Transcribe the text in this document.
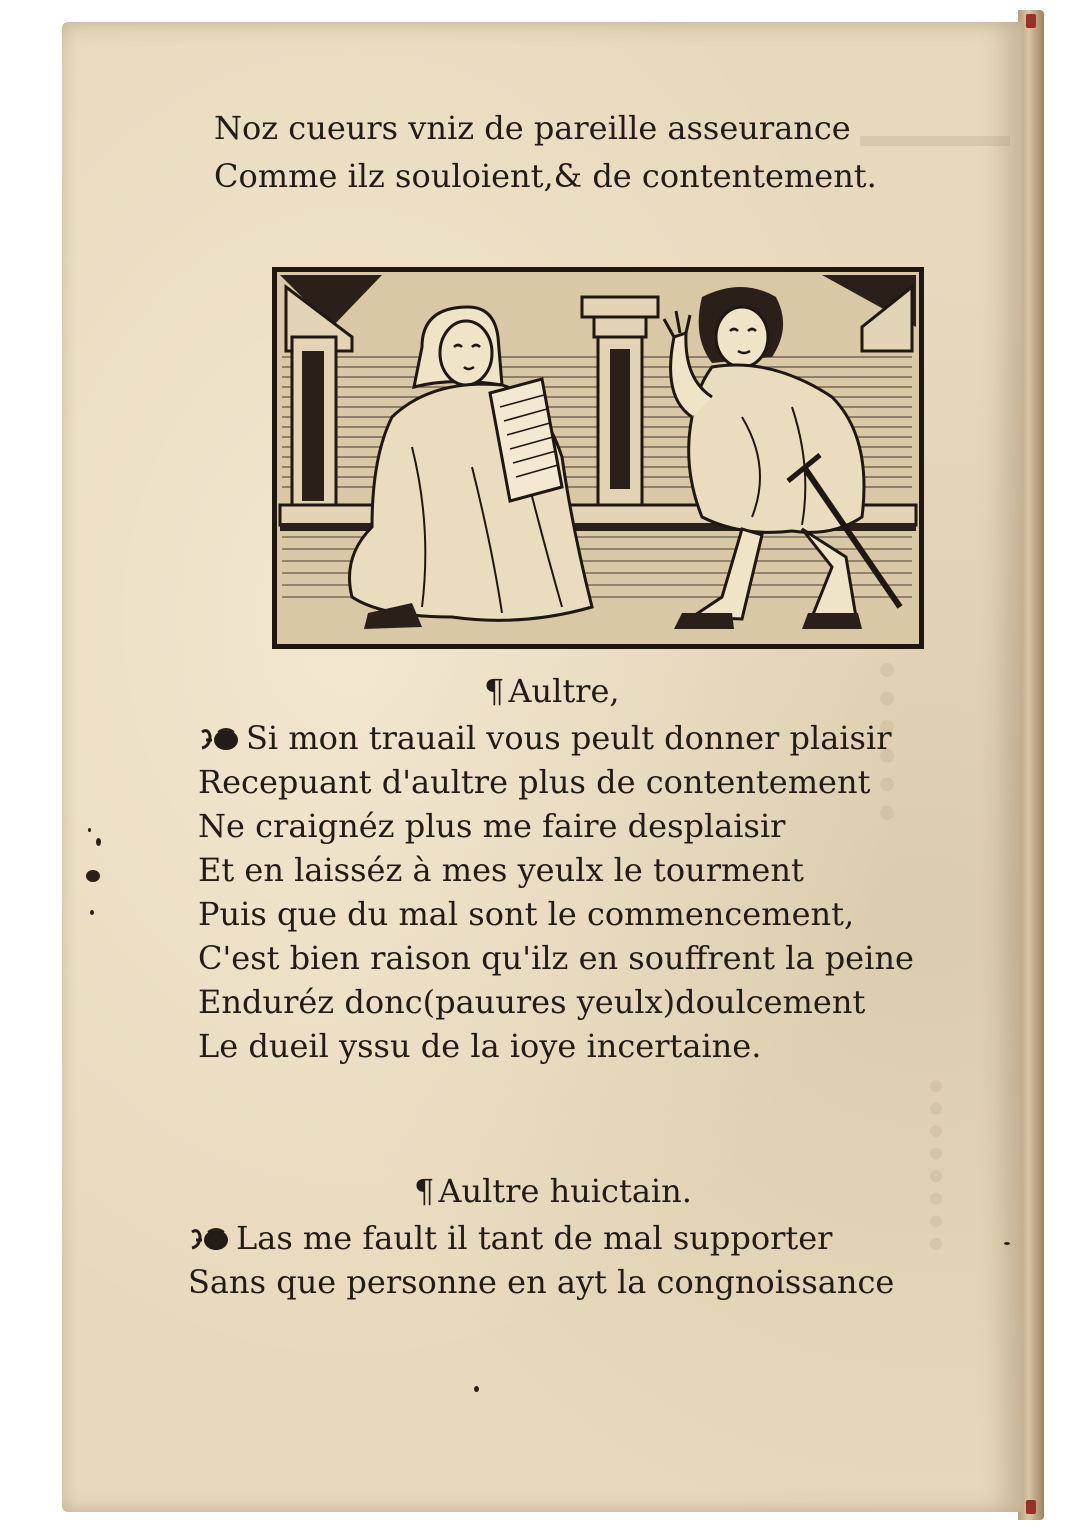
Noz cueurs vniz de pareille asseurance
Comme ilz souloient,& de contentement.
¶ Aultre,
Si mon trauail vous peult donner plaisir
Recepuant d'aultre plus de contentement
Ne craignéz plus me faire desplaisir
Et en laisséz à mes yeulx le tourment
Puis que du mal sont le commencement,
C'est bien raison qu'ilz en souffrent la peine
Enduréz donc(pauures yeulx)doulcement
Le dueil yssu de la ioye incertaine.
¶ Aultre huictain.
Las me fault il tant de mal supporter
Sans que personne en ayt la congnoissance
